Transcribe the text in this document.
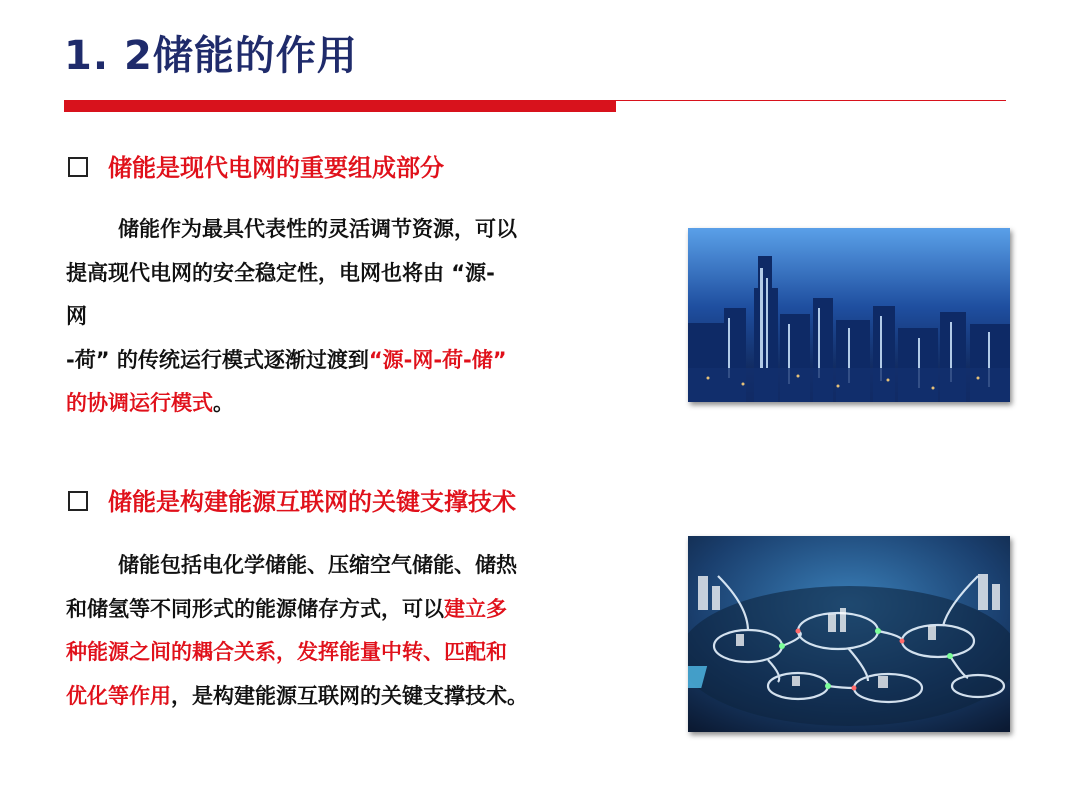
1. 2储能的作用
储能是现代电网的重要组成部分
储能作为最具代表性的灵活调节资源，可以
提高现代电网的安全稳定性，电网也将由 “源-
网
-荷” 的传统运行模式逐渐过渡到“源-网-荷-储”
的协调运行模式。
储能是构建能源互联网的关键支撑技术
储能包括电化学储能、压缩空气储能、储热
和储氢等不同形式的能源储存方式，可以建立多
种能源之间的耦合关系，发挥能量中转、匹配和
优化等作用，是构建能源互联网的关键支撑技术。
